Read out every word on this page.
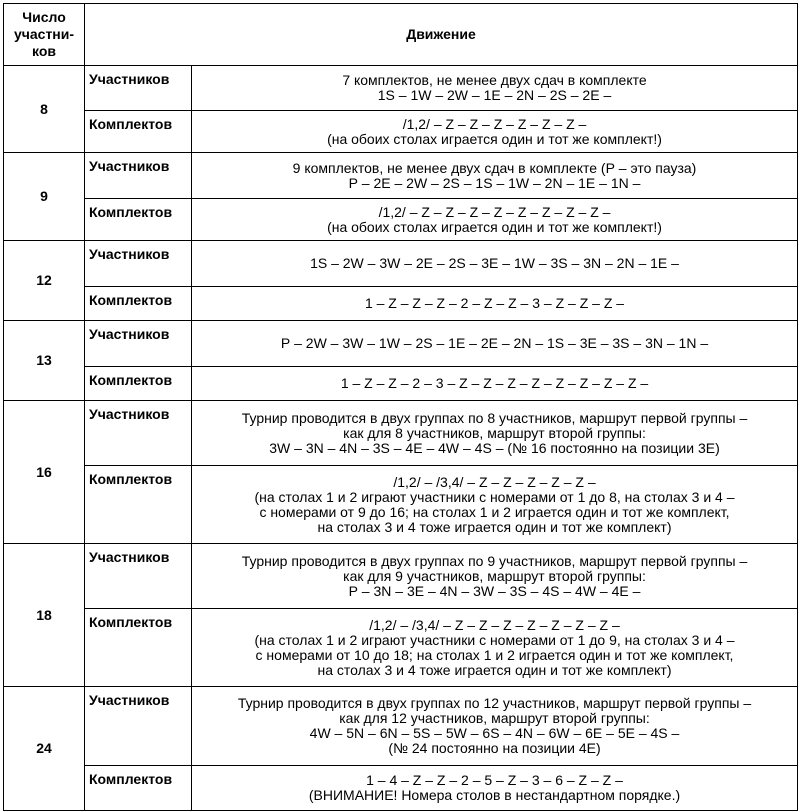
Число
участни-
ков	Движение	
8	Участников	7 комплектов, не менее двух сдач в комплекте
1S – 1W – 2W – 1E – 2N – 2S – 2E –

	Комплектов	/1,2/ – Z – Z – Z – Z – Z – Z –
(на обоих столах играется один и тот же комплект!)

9	Участников	9 комплектов, не менее двух сдач в комплекте (Р – это пауза)
Р – 2E – 2W – 2S – 1S – 1W – 2N – 1E – 1N –

	Комплектов	/1,2/ – Z – Z – Z – Z – Z – Z – Z – Z –
(на обоих столах играется один и тот же комплект!)

12	Участников	1S – 2W – 3W – 2E – 2S – 3E – 1W – 3S – 3N – 2N – 1E –

	Комплектов	1 – Z – Z – Z – 2 – Z – Z – 3 – Z – Z – Z –

13	Участников	Р – 2W – 3W – 1W – 2S – 1E – 2E – 2N – 1S – 3E – 3S – 3N – 1N –

	Комплектов	1 – Z – Z – 2 – 3 – Z – Z – Z – Z – Z – Z – Z – Z –

16	Участников	Турнир проводится в двух группах по 8 участников, маршрут первой группы –
как для 8 участников, маршрут второй группы:
3W – 3N – 4N – 3S – 4E – 4W – 4S – (№ 16 постоянно на позиции 3E)

	Комплектов	/1,2/ – /3,4/ – Z – Z – Z – Z – Z –
(на столах 1 и 2 играют участники с номерами от 1 до 8, на столах 3 и 4 –
с номерами от 9 до 16; на столах 1 и 2 играется один и тот же комплект,
на столах 3 и 4 тоже играется один и тот же комплект)

18	Участников	Турнир проводится в двух группах по 9 участников, маршрут первой группы –
как для 9 участников, маршрут второй группы:
Р – 3N – 3E – 4N – 3W – 3S – 4S – 4W – 4E –

	Комплектов	/1,2/ – /3,4/ – Z – Z – Z – Z – Z – Z – Z –
(на столах 1 и 2 играют участники с номерами от 1 до 9, на столах 3 и 4 –
с номерами от 10 до 18; на столах 1 и 2 играется один и тот же комплект,
на столах 3 и 4 тоже играется один и тот же комплект)

24	Участников	Турнир проводится в двух группах по 12 участников, маршрут первой группы –
как для 12 участников, маршрут второй группы:
4W – 5N – 6N – 5S – 5W – 6S – 4N – 6W – 6E – 5E – 4S –
(№ 24 постоянно на позиции 4E)

	Комплектов	1 – 4 – Z – Z – 2 – 5 – Z – 3 – 6 – Z – Z –
(ВНИМАНИЕ! Номера столов в нестандартном порядке.)
